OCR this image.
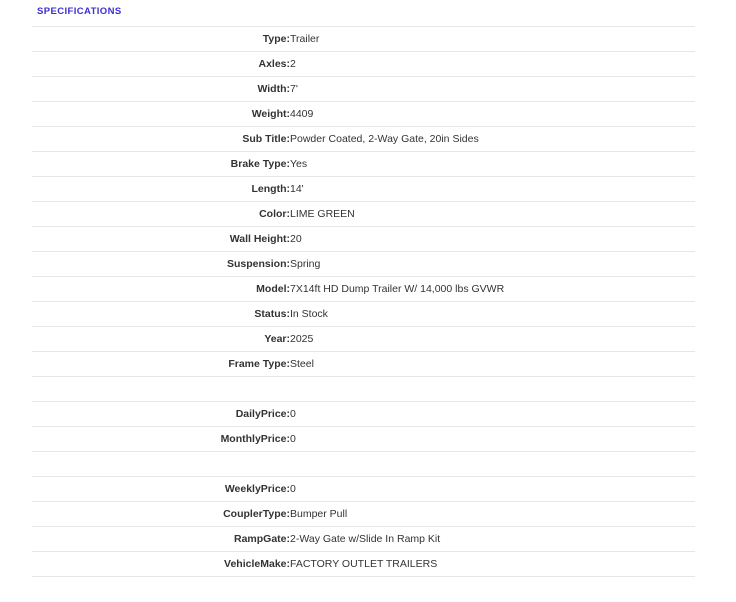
SPECIFICATIONS
Type:	Trailer
Axles:	2
Width:	7'
Weight:	4409
Sub Title:	Powder Coated, 2-Way Gate, 20in Sides
Brake Type:	Yes
Length:	14'
Color:	LIME GREEN
Wall Height:	20
Suspension:	Spring
Model:	7X14ft HD Dump Trailer W/ 14,000 lbs GVWR
Status:	In Stock
Year:	2025
Frame Type:	Steel

DailyPrice:	0
MonthlyPrice:	0

WeeklyPrice:	0
CouplerType:	Bumper Pull
RampGate:	2-Way Gate w/Slide In Ramp Kit
VehicleMake:	FACTORY OUTLET TRAILERS
